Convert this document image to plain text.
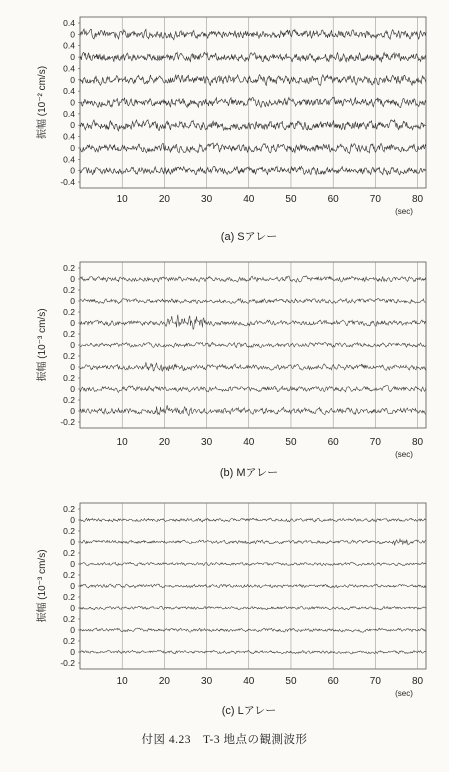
10	20	30	40	50	60	70	80
(sec)
0.4
0
0.4
0
0.4
0
0.4
0
0.4
0
0.4
0
0.4
0
-0.4
振幅 (10⁻² cm/s)
(a) Sアレー
10	20	30	40	50	60	70	80
(sec)
0.2
0
0.2
0
0.2
0
0.2
0
0.2
0
0.2
0
0.2
0
-0.2
振幅 (10⁻³ cm/s)
(b) Mアレー
10	20	30	40	50	60	70	80
(sec)
0.2
0
0.2
0
0.2
0
0.2
0
0.2
0
0.2
0
0.2
0
-0.2
振幅 (10⁻³ cm/s)
(c) Lアレー
付図 4.23　T-3 地点の観測波形
